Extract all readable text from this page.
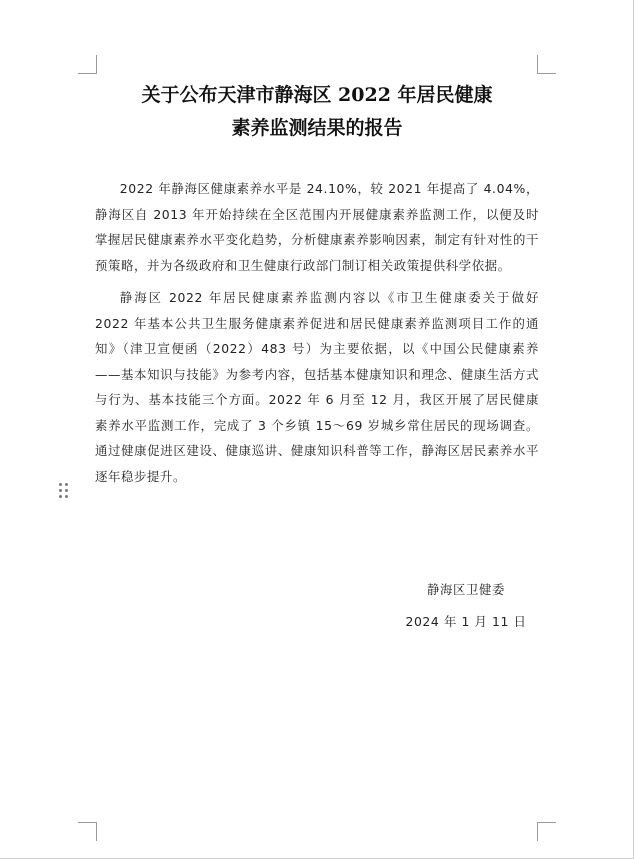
关于公布天津市静海区 2022 年居民健康
素养监测结果的报告

2022 年静海区健康素养水平是 24.10%，较 2021 年提高了 4.04%，静海区自 2013 年开始持续在全区范围内开展健康素养监测工作，以便及时掌握居民健康素养水平变化趋势，分析健康素养影响因素，制定有针对性的干预策略，并为各级政府和卫生健康行政部门制订相关政策提供科学依据。

静海区 2022 年居民健康素养监测内容以《市卫生健康委关于做好 2022 年基本公共卫生服务健康素养促进和居民健康素养监测项目工作的通知》（津卫宣便函（2022）483 号）为主要依据，以《中国公民健康素养——基本知识与技能》为参考内容，包括基本健康知识和理念、健康生活方式与行为、基本技能三个方面。2022 年 6 月至 12 月，我区开展了居民健康素养水平监测工作，完成了 3 个乡镇 15～69 岁城乡常住居民的现场调查。通过健康促进区建设、健康巡讲、健康知识科普等工作，静海区居民素养水平逐年稳步提升。

静海区卫健委

2024 年 1 月 11 日
